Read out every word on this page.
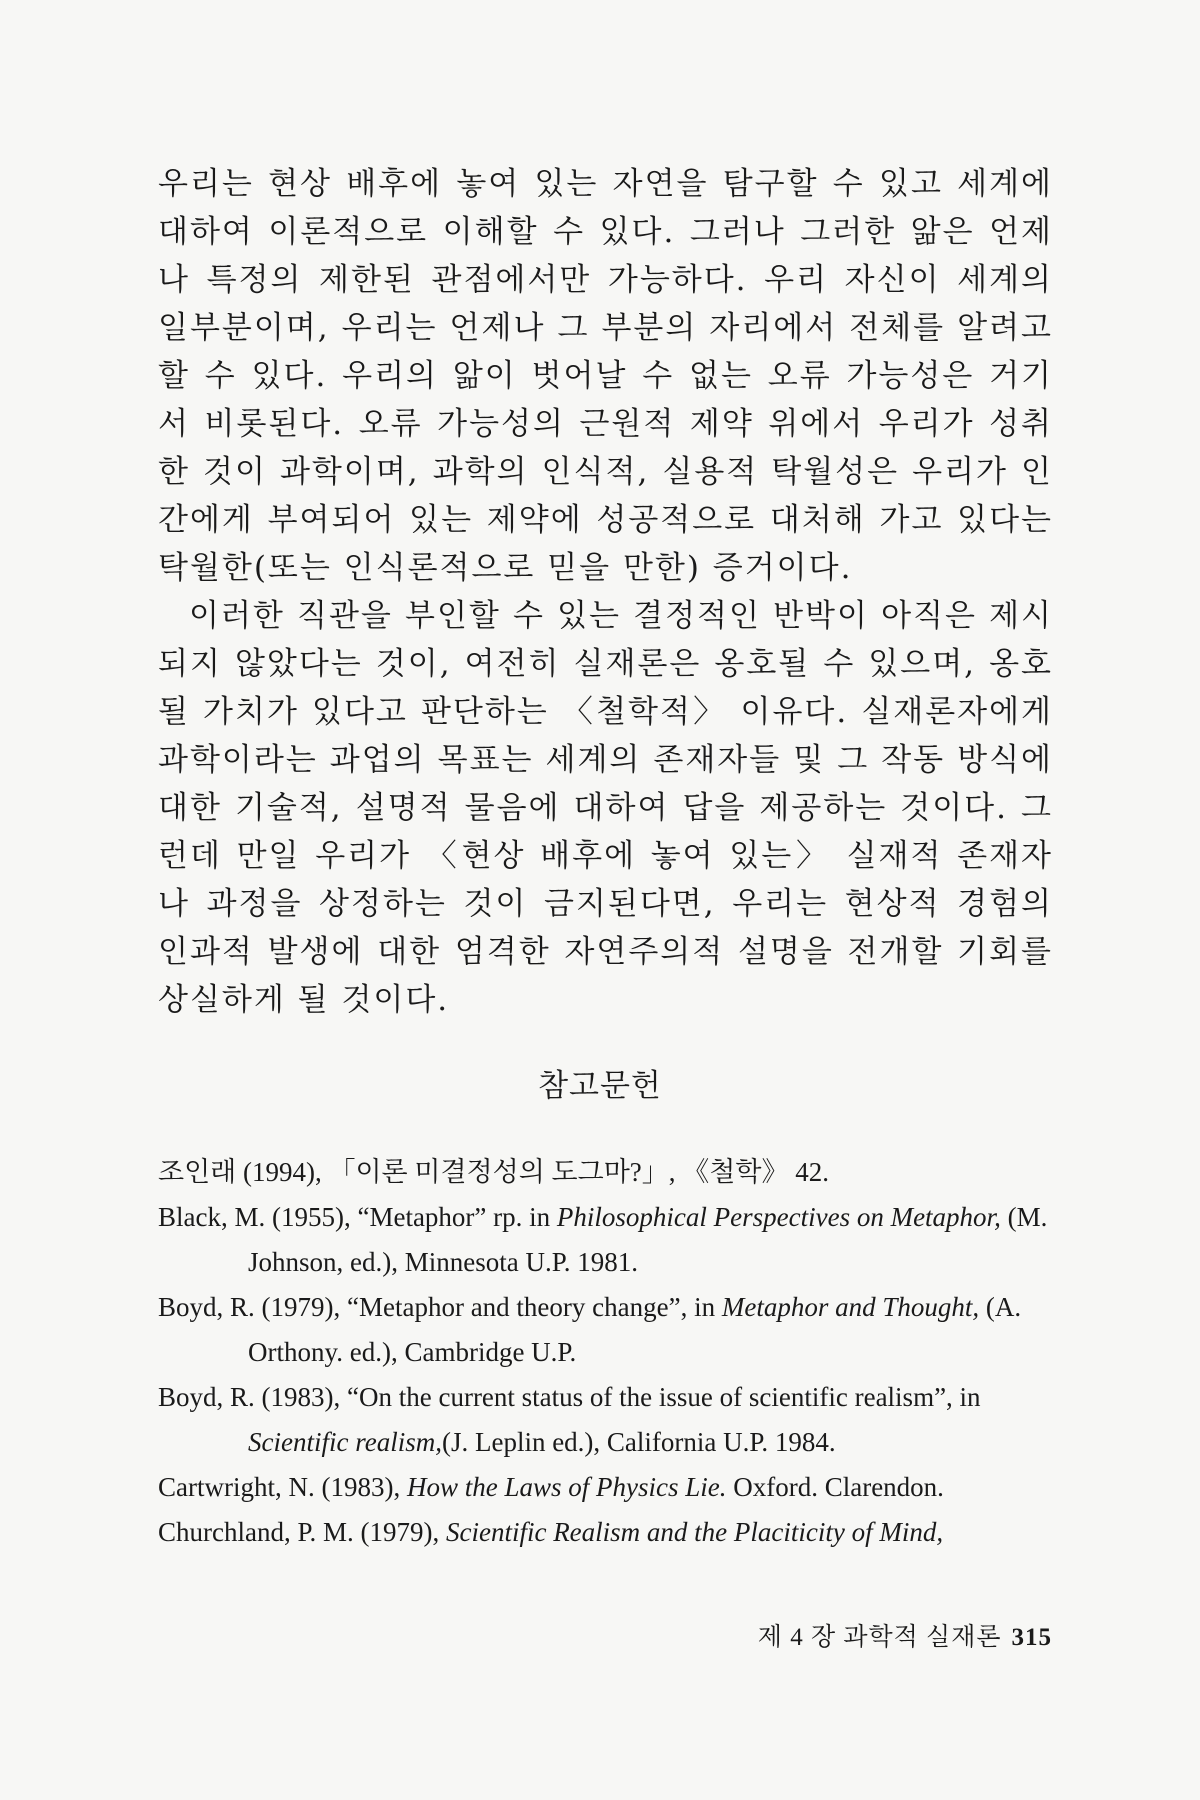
우리는 현상 배후에 놓여 있는 자연을 탐구할 수 있고 세계에 대하여 이론적으로 이해할 수 있다. 그러나 그러한 앎은 언제나 특정의 제한된 관점에서만 가능하다. 우리 자신이 세계의 일부분이며, 우리는 언제나 그 부분의 자리에서 전체를 알려고 할 수 있다. 우리의 앎이 벗어날 수 없는 오류 가능성은 거기서 비롯된다. 오류 가능성의 근원적 제약 위에서 우리가 성취한 것이 과학이며, 과학의 인식적, 실용적 탁월성은 우리가 인간에게 부여되어 있는 제약에 성공적으로 대처해 가고 있다는 탁월한(또는 인식론적으로 믿을 만한) 증거이다.

이러한 직관을 부인할 수 있는 결정적인 반박이 아직은 제시되지 않았다는 것이, 여전히 실재론은 옹호될 수 있으며, 옹호될 가치가 있다고 판단하는 〈철학적〉 이유다. 실재론자에게 과학이라는 과업의 목표는 세계의 존재자들 및 그 작동 방식에 대한 기술적, 설명적 물음에 대하여 답을 제공하는 것이다. 그런데 만일 우리가 〈현상 배후에 놓여 있는〉 실재적 존재자나 과정을 상정하는 것이 금지된다면, 우리는 현상적 경험의 인과적 발생에 대한 엄격한 자연주의적 설명을 전개할 기회를 상실하게 될 것이다.

참고문헌

조인래 (1994), 「이론 미결정성의 도그마?」, 《철학》 42.

Black, M. (1955), “Metaphor” rp. in Philosophical Perspectives on Metaphor, (M. Johnson, ed.), Minnesota U.P. 1981.

Boyd, R. (1979), “Metaphor and theory change”, in Metaphor and Thought, (A. Orthony. ed.), Cambridge U.P.

Boyd, R. (1983), “On the current status of the issue of scientific realism”, in Scientific realism,(J. Leplin ed.), California U.P. 1984.

Cartwright, N. (1983), How the Laws of Physics Lie. Oxford. Clarendon.

Churchland, P. M. (1979), Scientific Realism and the Placiticity of Mind,

제 4 장 과학적 실재론 315
